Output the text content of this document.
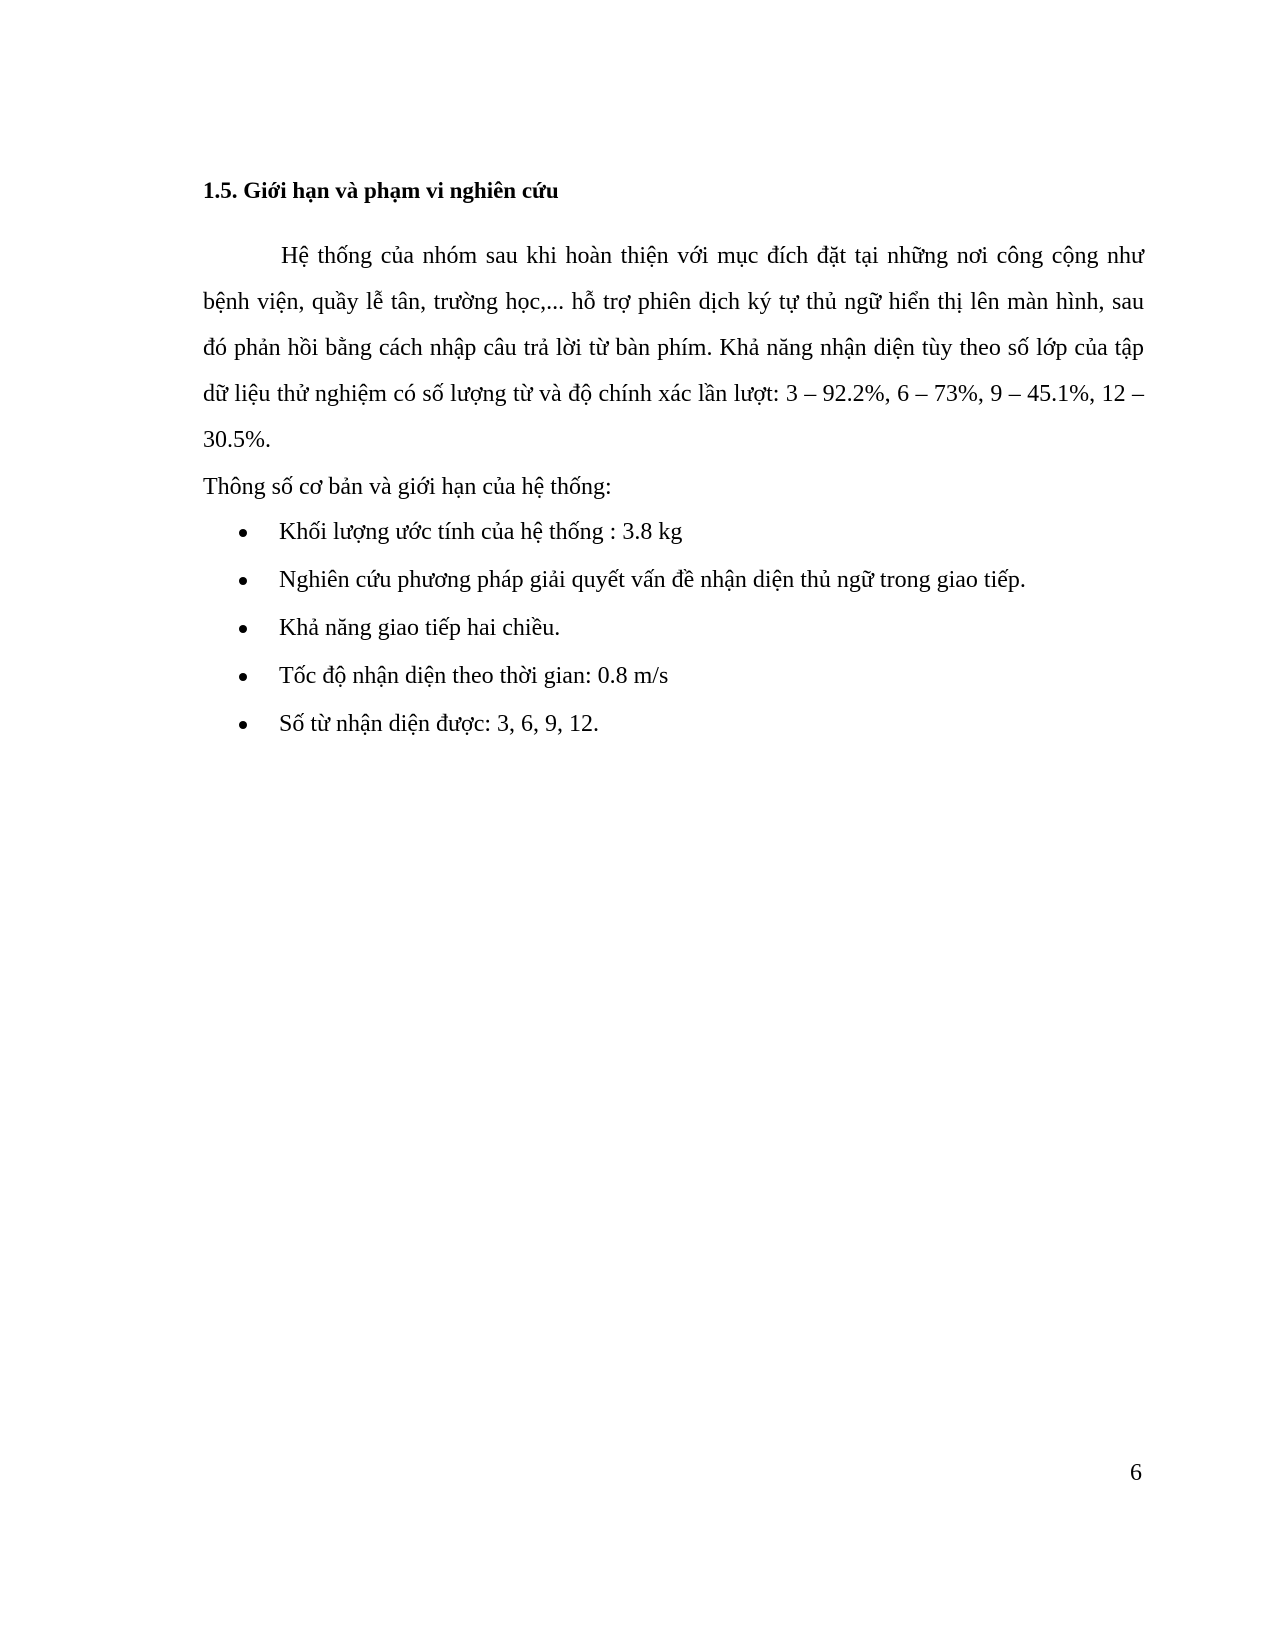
1.5. Giới hạn và phạm vi nghiên cứu

Hệ thống của nhóm sau khi hoàn thiện với mục đích đặt tại những nơi công cộng như bệnh viện, quầy lễ tân, trường học,... hỗ trợ phiên dịch ký tự thủ ngữ hiển thị lên màn hình, sau đó phản hồi bằng cách nhập câu trả lời từ bàn phím. Khả năng nhận diện tùy theo số lớp của tập dữ liệu thử nghiệm có số lượng từ và độ chính xác lần lượt: 3 – 92.2%, 6 – 73%, 9 – 45.1%, 12 – 30.5%.

Thông số cơ bản và giới hạn của hệ thống:

Khối lượng ước tính của hệ thống : 3.8 kg
Nghiên cứu phương pháp giải quyết vấn đề nhận diện thủ ngữ trong giao tiếp.
Khả năng giao tiếp hai chiều.
Tốc độ nhận diện theo thời gian: 0.8 m/s
Số từ nhận diện được: 3, 6, 9, 12.
6
